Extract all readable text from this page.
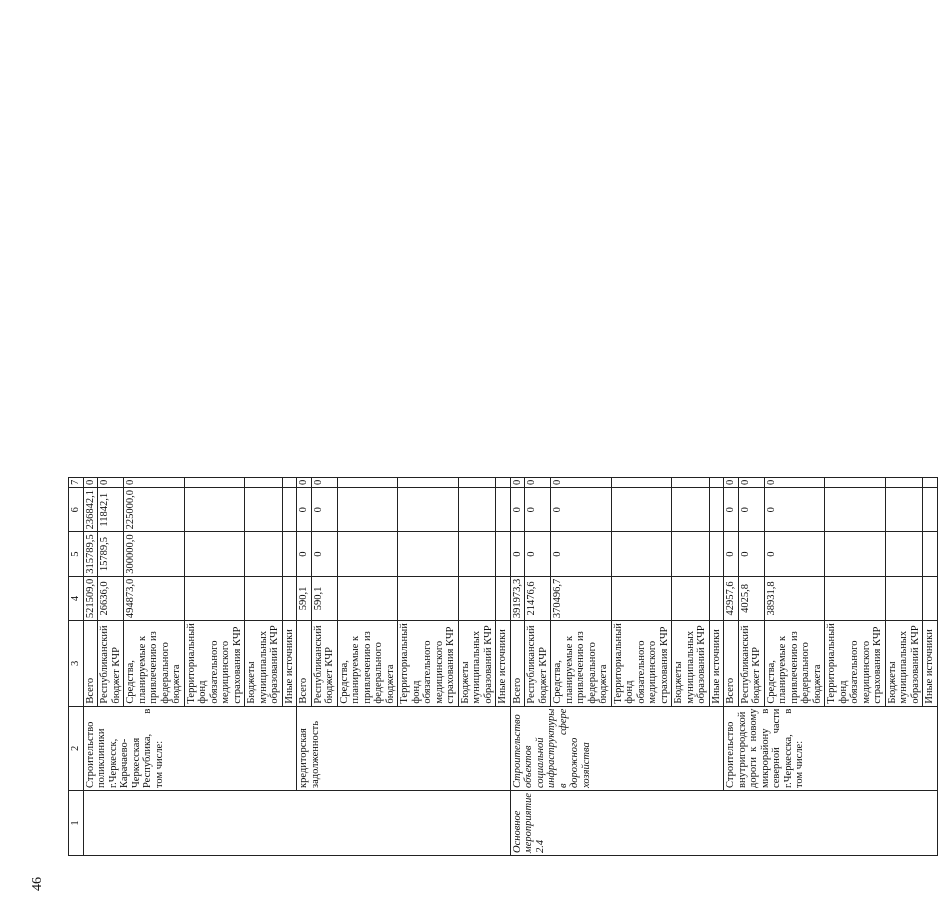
46
1	2	3	4	5	6	7
	Строительство поликлиники г.Черкесск, Карачаево-Черкесская Республика, в том числе:	Всего	521509,0	315789,5	236842,1	0
		Республиканский бюджет КЧР	26636,0	15789,5	11842,1	0
		Средства, планируемые к привлечению из федерального бюджета	494873,0	300000,0	225000,0	0
		Территориальный фонд обязательного медицинского страхования КЧР				
		Бюджеты муниципальных образований КЧР				
		Иные источники				
	кредиторская задолженность	Всего	590,1	0	0	0
		Республиканский бюджет КЧР	590,1	0	0	0
		Средства, планируемые к привлечению из федерального бюджета				
		Территориальный фонд обязательного медицинского страхования КЧР				
		Бюджеты муниципальных образований КЧР				
		Иные источники				
Основное мероприятие 2.4	Строительство объектов социальной инфраструктуры в сфере дорожного хозяйства	Всего	391973,3	0	0	0
		Республиканский бюджет КЧР	21476,6	0	0	0
		Средства, планируемые к привлечению из федерального бюджета	370496,7	0	0	0
		Территориальный фонд обязательного медицинского страхования КЧР				
		Бюджеты муниципальных образований КЧР				
		Иные источники				
	Строительство внутригородской дороги к новому микрорайону в северной части г.Черкесска, в том числе:	Всего	42957,6	0	0	0
		Республиканский бюджет КЧР	4025,8	0	0	0
		Средства, планируемые к привлечению из федерального бюджета	38931,8	0	0	0
		Территориальный фонд обязательного медицинского страхования КЧР				
		Бюджеты муниципальных образований КЧР				
		Иные источники				
